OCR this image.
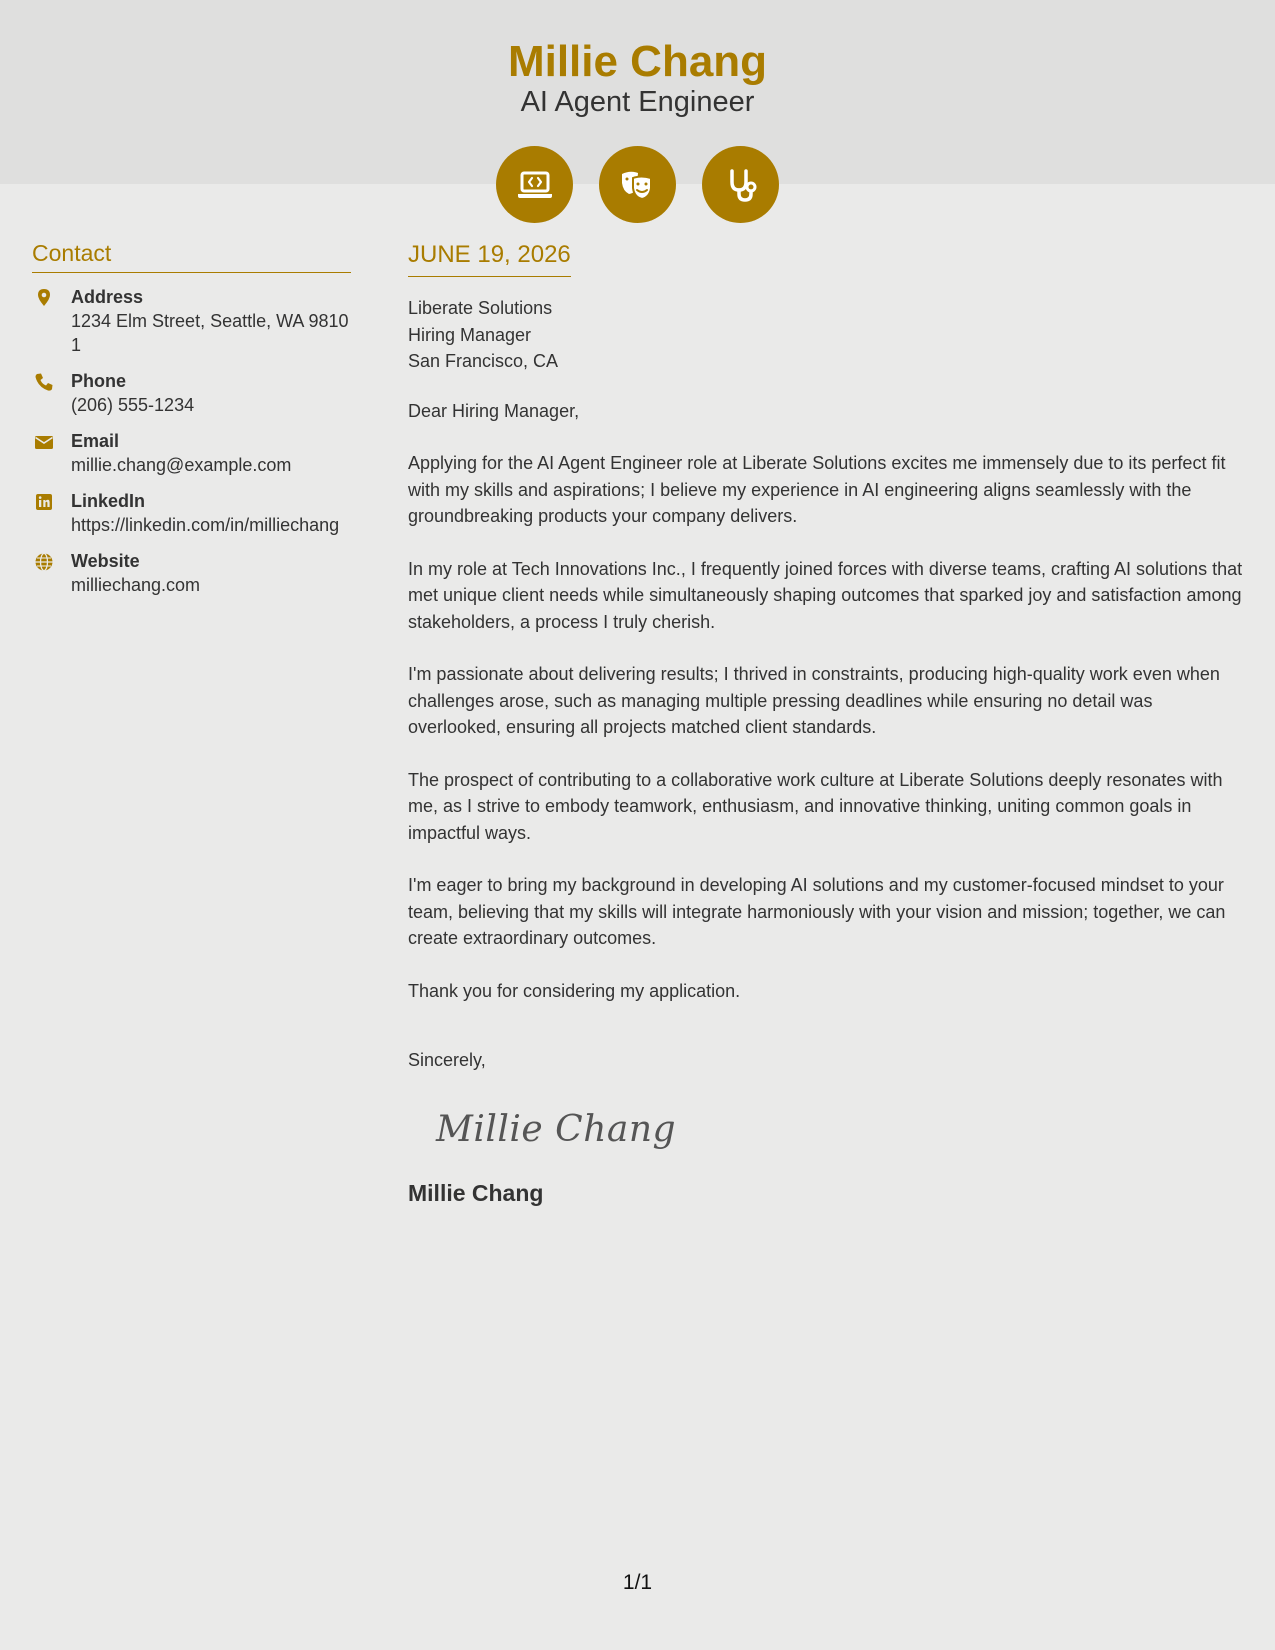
Millie Chang
AI Agent Engineer
Contact
Address
1234 Elm Street, Seattle, WA 98101
Phone
(206) 555-1234
Email
millie.chang@example.com
LinkedIn
https://linkedin.com/in/milliechang
Website
milliechang.com
JUNE 19, 2026
Liberate Solutions
Hiring Manager
San Francisco, CA

Dear Hiring Manager,

Applying for the AI Agent Engineer role at Liberate Solutions excites me immensely due to its perfect fit with my skills and aspirations; I believe my experience in AI engineering aligns seamlessly with the groundbreaking products your company delivers.

In my role at Tech Innovations Inc., I frequently joined forces with diverse teams, crafting AI solutions that met unique client needs while simultaneously shaping outcomes that sparked joy and satisfaction among stakeholders, a process I truly cherish.

I'm passionate about delivering results; I thrived in constraints, producing high-quality work even when challenges arose, such as managing multiple pressing deadlines while ensuring no detail was overlooked, ensuring all projects matched client standards.

The prospect of contributing to a collaborative work culture at Liberate Solutions deeply resonates with me, as I strive to embody teamwork, enthusiasm, and innovative thinking, uniting common goals in impactful ways.

I'm eager to bring my background in developing AI solutions and my customer-focused mindset to your team, believing that my skills will integrate harmoniously with your vision and mission; together, we can create extraordinary outcomes.

Thank you for considering my application.

Sincerely,

Millie Chang
Millie Chang
1/1
